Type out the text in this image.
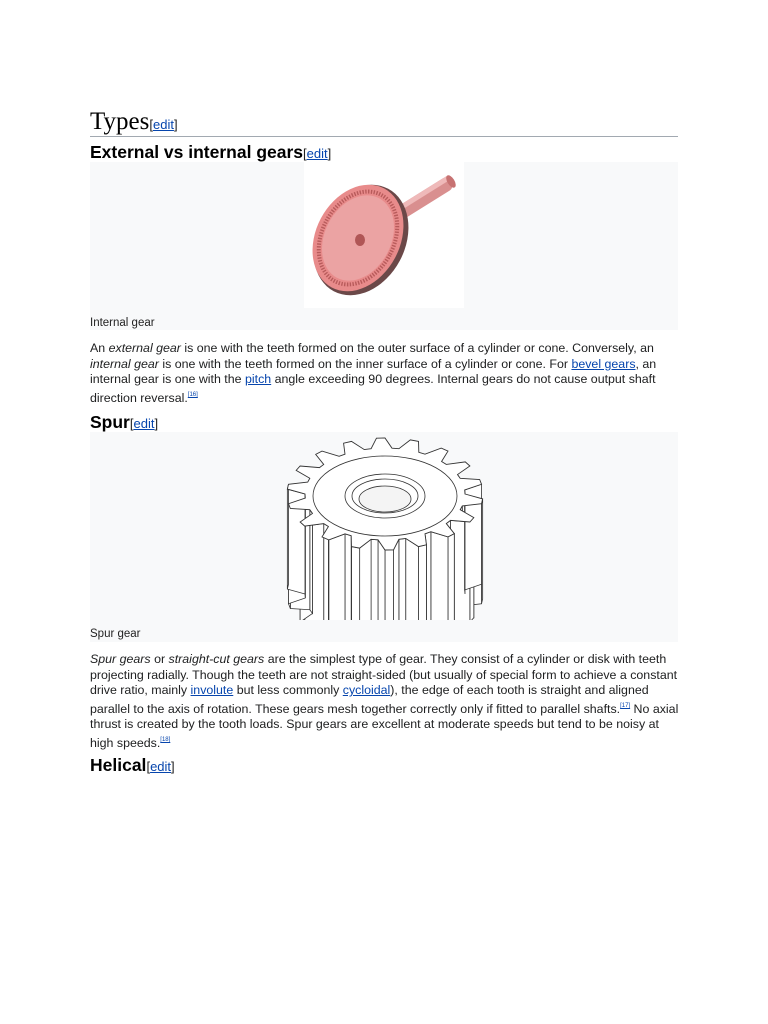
Types[edit]
External vs internal gears[edit]
Internal gear

An external gear is one with the teeth formed on the outer surface of a cylinder or cone. Conversely, an internal gear is one with the teeth formed on the inner surface of a cylinder or cone. For bevel gears, an internal gear is one with the pitch angle exceeding 90 degrees. Internal gears do not cause output shaft direction reversal.[16]

Spur[edit]
Spur gear

Spur gears or straight-cut gears are the simplest type of gear. They consist of a cylinder or disk with teeth projecting radially. Though the teeth are not straight-sided (but usually of special form to achieve a constant drive ratio, mainly involute but less commonly cycloidal), the edge of each tooth is straight and aligned parallel to the axis of rotation. These gears mesh together correctly only if fitted to parallel shafts.[17] No axial thrust is created by the tooth loads. Spur gears are excellent at moderate speeds but tend to be noisy at high speeds.[18]

Helical[edit]
